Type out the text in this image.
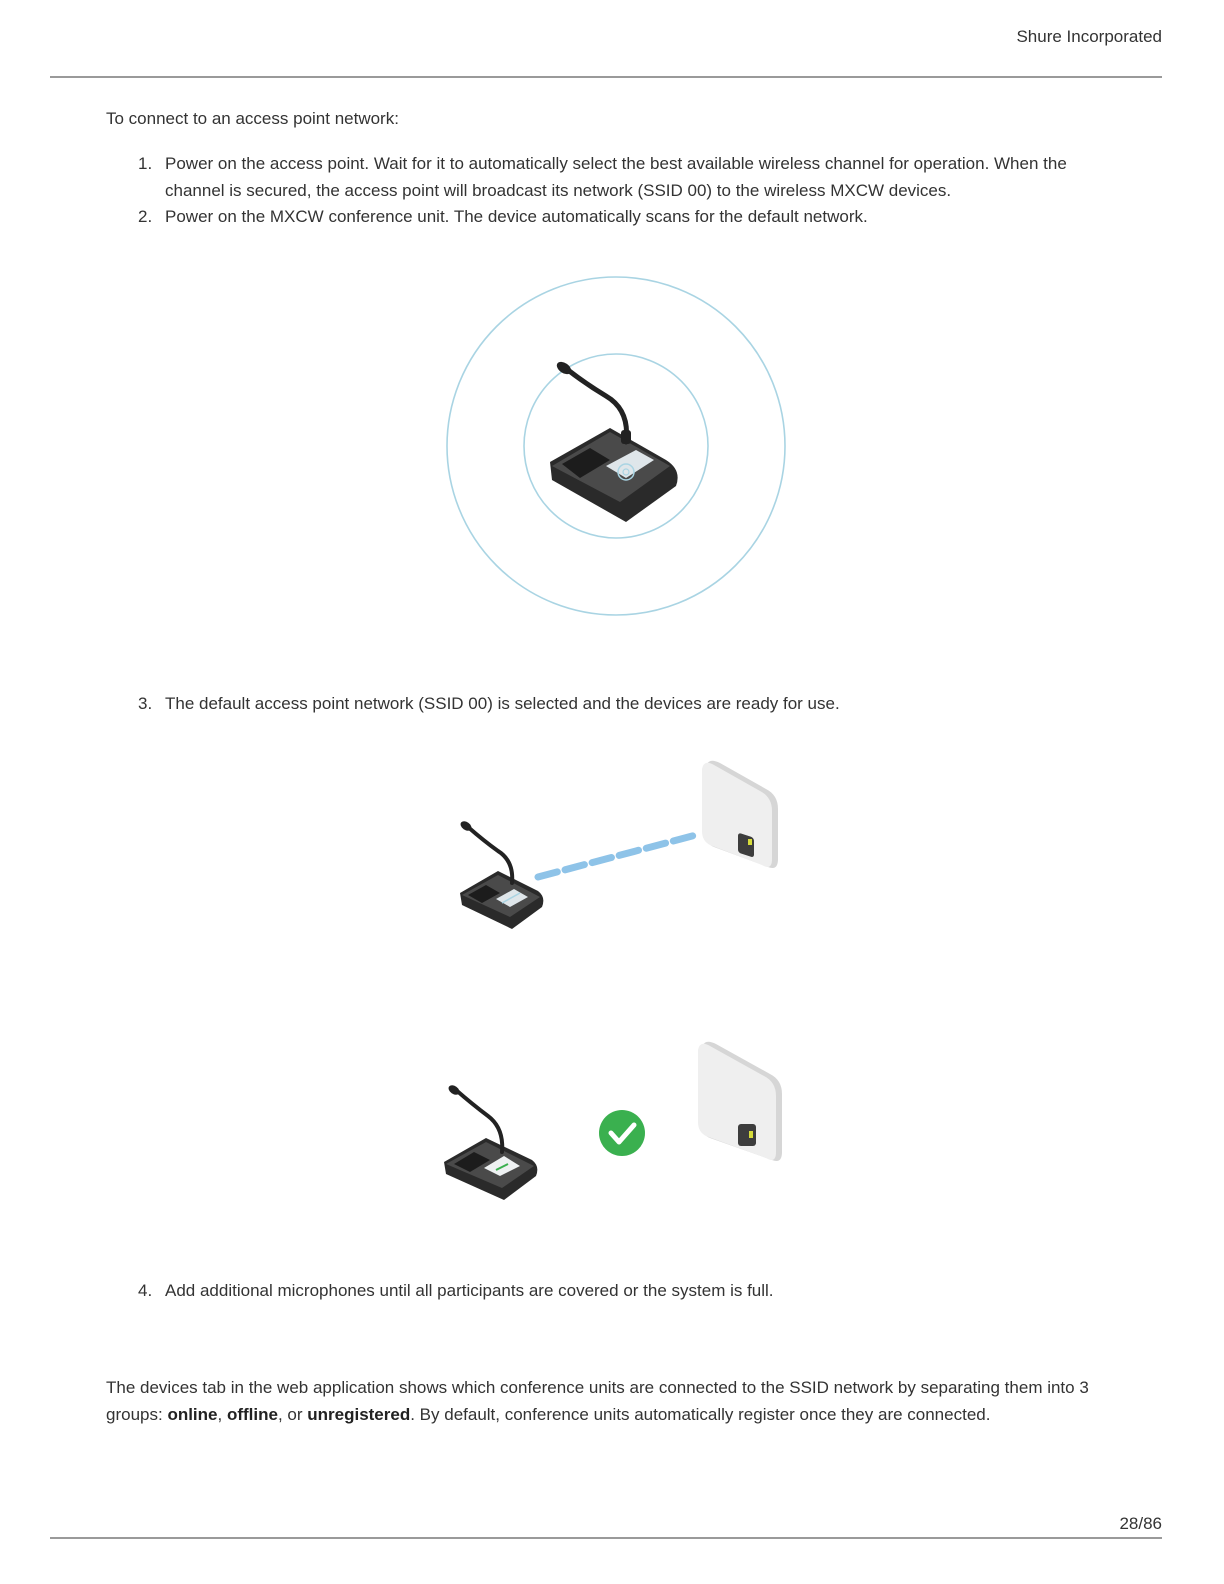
Shure Incorporated
To connect to an access point network:
1. Power on the access point. Wait for it to automatically select the best available wireless channel for operation. When the channel is secured, the access point will broadcast its network (SSID 00) to the wireless MXCW devices.
2. Power on the MXCW conference unit. The device automatically scans for the default network.
3. The default access point network (SSID 00) is selected and the devices are ready for use.
4. Add additional microphones until all participants are covered or the system is full.
The devices tab in the web application shows which conference units are connected to the SSID network by separating them into 3 groups: online, offline, or unregistered. By default, conference units automatically register once they are connected.
28/86
